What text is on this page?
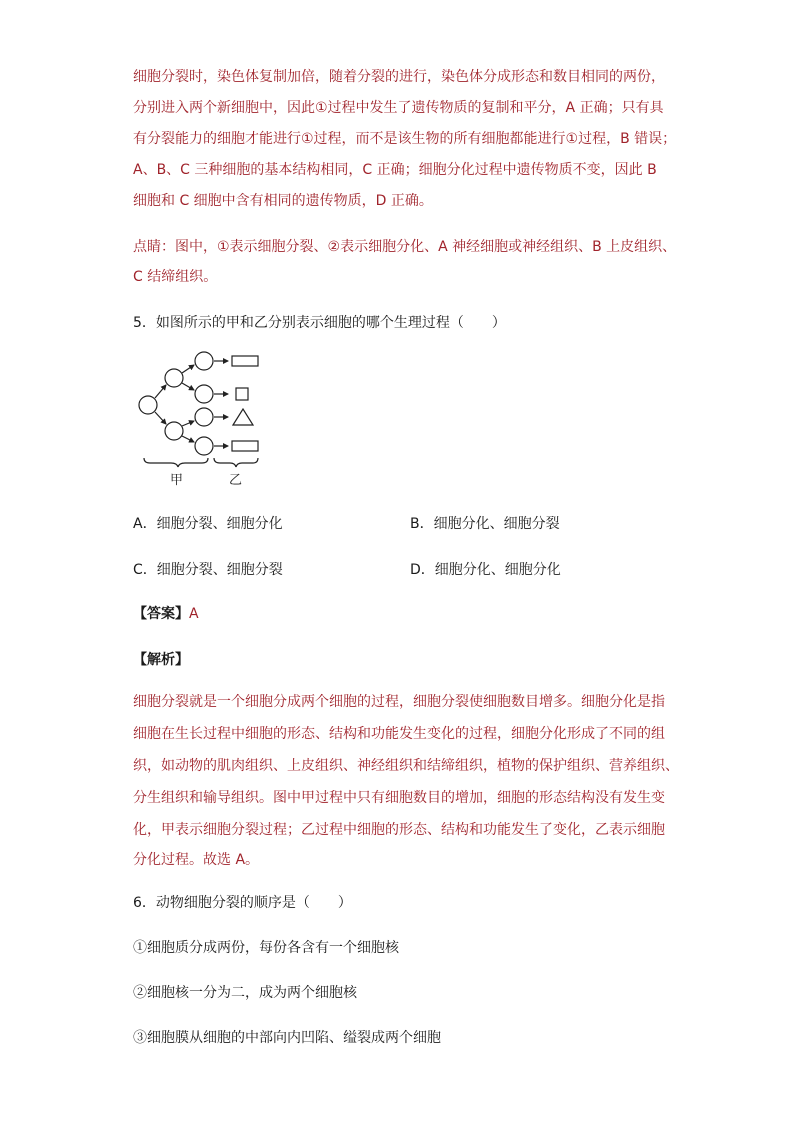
细胞分裂时，染色体复制加倍，随着分裂的进行，染色体分成形态和数目相同的两份，
分别进入两个新细胞中，因此①过程中发生了遗传物质的复制和平分，A 正确；只有具
有分裂能力的细胞才能进行①过程，而不是该生物的所有细胞都能进行①过程，B 错误；
A、B、C 三种细胞的基本结构相同，C 正确；细胞分化过程中遗传物质不变，因此 B
细胞和 C 细胞中含有相同的遗传物质，D 正确。
点睛：图中，①表示细胞分裂、②表示细胞分化、A 神经细胞或神经组织、B 上皮组织、
C 结缔组织。
5．如图所示的甲和乙分别表示细胞的哪个生理过程（　　）
甲	乙
A．细胞分裂、细胞分化	B．细胞分化、细胞分裂
C．细胞分裂、细胞分裂	D．细胞分化、细胞分化
【答案】A
【解析】
细胞分裂就是一个细胞分成两个细胞的过程，细胞分裂使细胞数目增多。细胞分化是指
细胞在生长过程中细胞的形态、结构和功能发生变化的过程，细胞分化形成了不同的组
织，如动物的肌肉组织、上皮组织、神经组织和结缔组织，植物的保护组织、营养组织、
分生组织和输导组织。图中甲过程中只有细胞数目的增加，细胞的形态结构没有发生变
化，甲表示细胞分裂过程；乙过程中细胞的形态、结构和功能发生了变化，乙表示细胞
分化过程。故选 A。
6．动物细胞分裂的顺序是（　　）
①细胞质分成两份，每份各含有一个细胞核
②细胞核一分为二，成为两个细胞核
③细胞膜从细胞的中部向内凹陷、缢裂成两个细胞
